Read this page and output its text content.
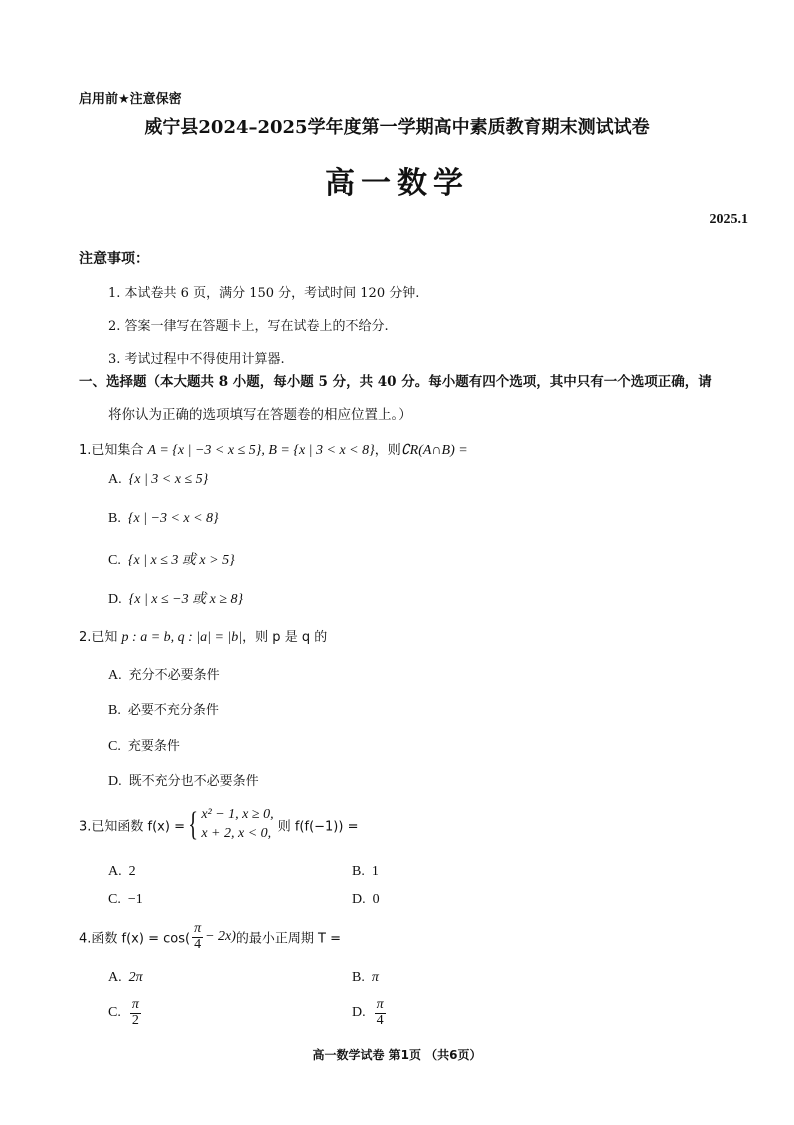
启用前★注意保密
威宁县2024–2025学年度第一学期高中素质教育期末测试试卷
高一数学
2025.1
注意事项：
1. 本试卷共 6 页，满分 150 分，考试时间 120 分钟.
2. 答案一律写在答题卡上，写在试卷上的不给分.
3. 考试过程中不得使用计算器.
一、选择题（本大题共 8 小题，每小题 5 分，共 40 分。每小题有四个选项，其中只有一个选项正确，请
将你认为正确的选项填写在答题卷的相应位置上。）
1.已知集合 A = {x | −3 < x ≤ 5}, B = {x | 3 < x < 8}，则∁R(A∩B) =
A. {x | 3 < x ≤ 5}
B. {x | −3 < x < 8}
C. {x | x ≤ 3 或 x > 5}
D. {x | x ≤ −3 或 x ≥ 8}
2.已知 p : a = b, q : |a| = |b|，则 p 是 q 的
A. 充分不必要条件
B. 必要不充分条件
C. 充要条件
D. 既不充分也不必要条件
3.已知函数 f(x) ={ x² − 1, x ≥ 0,
x + 2, x < 0, 则 f(f(−1)) =
A. 2	B. 1
C. −1	D. 0
4.函数 $f(x) = \cos( \frac{\pi}{4} - 2x)$的最小正周期 T =
A. 2π	B. π
C. $\frac{\pi}{2}$	D. $\frac{\pi}{4}$
高一数学试卷 第1页 （共6页）
